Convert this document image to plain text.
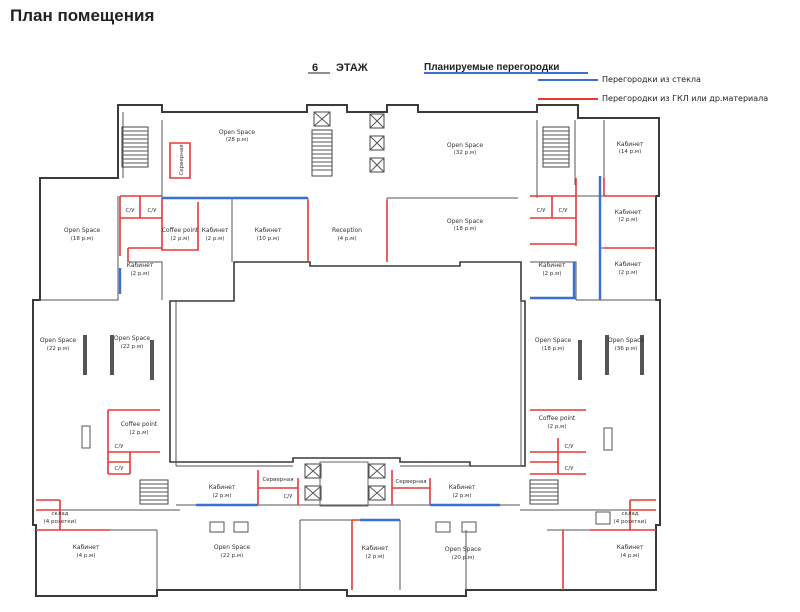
План помещения
6 ЭТАЖ	Планируемые перегородки
Перегородки из стекла
Перегородки из ГКЛ или др.материала
Open Space
(28 р.м)
Серверная	Open Space
(32 р.м)
Кабинет
(14 р.м)
С/У С/У
Coffee point
(2 р.м)
Кабинет
(2 р.м)
Кабинет
(10 р.м)
Reception
(4 р.м)
Open Space
(18 р.м)
С/У С/У	Кабинет
(2 р.м)
Open Space
(18 р.м)
Кабинет
(2 р.м)
Кабинет
(2 р.м)
Кабинет
(2 р.м)
Open Space
(22 р.м)
Open Space
(22 р.м)
Open Space
(18 р.м)
Open Space
(36 р.м)
Coffee point
(2 р.м)
Coffee point
(2 р.м)
С/У
С/У
С/У
С/У
Кабинет
(2 р.м)
Серверная
С/У
Серверная
Кабинет
(2 р.м)
склад
(4 розетки)
склад
(4 розетки)
Кабинет
(4 р.м)
Open Space
(22 р.м)
Кабинет
(2 р.м)
Open Space
(20 р.м)
Кабинет
(4 р.м)
